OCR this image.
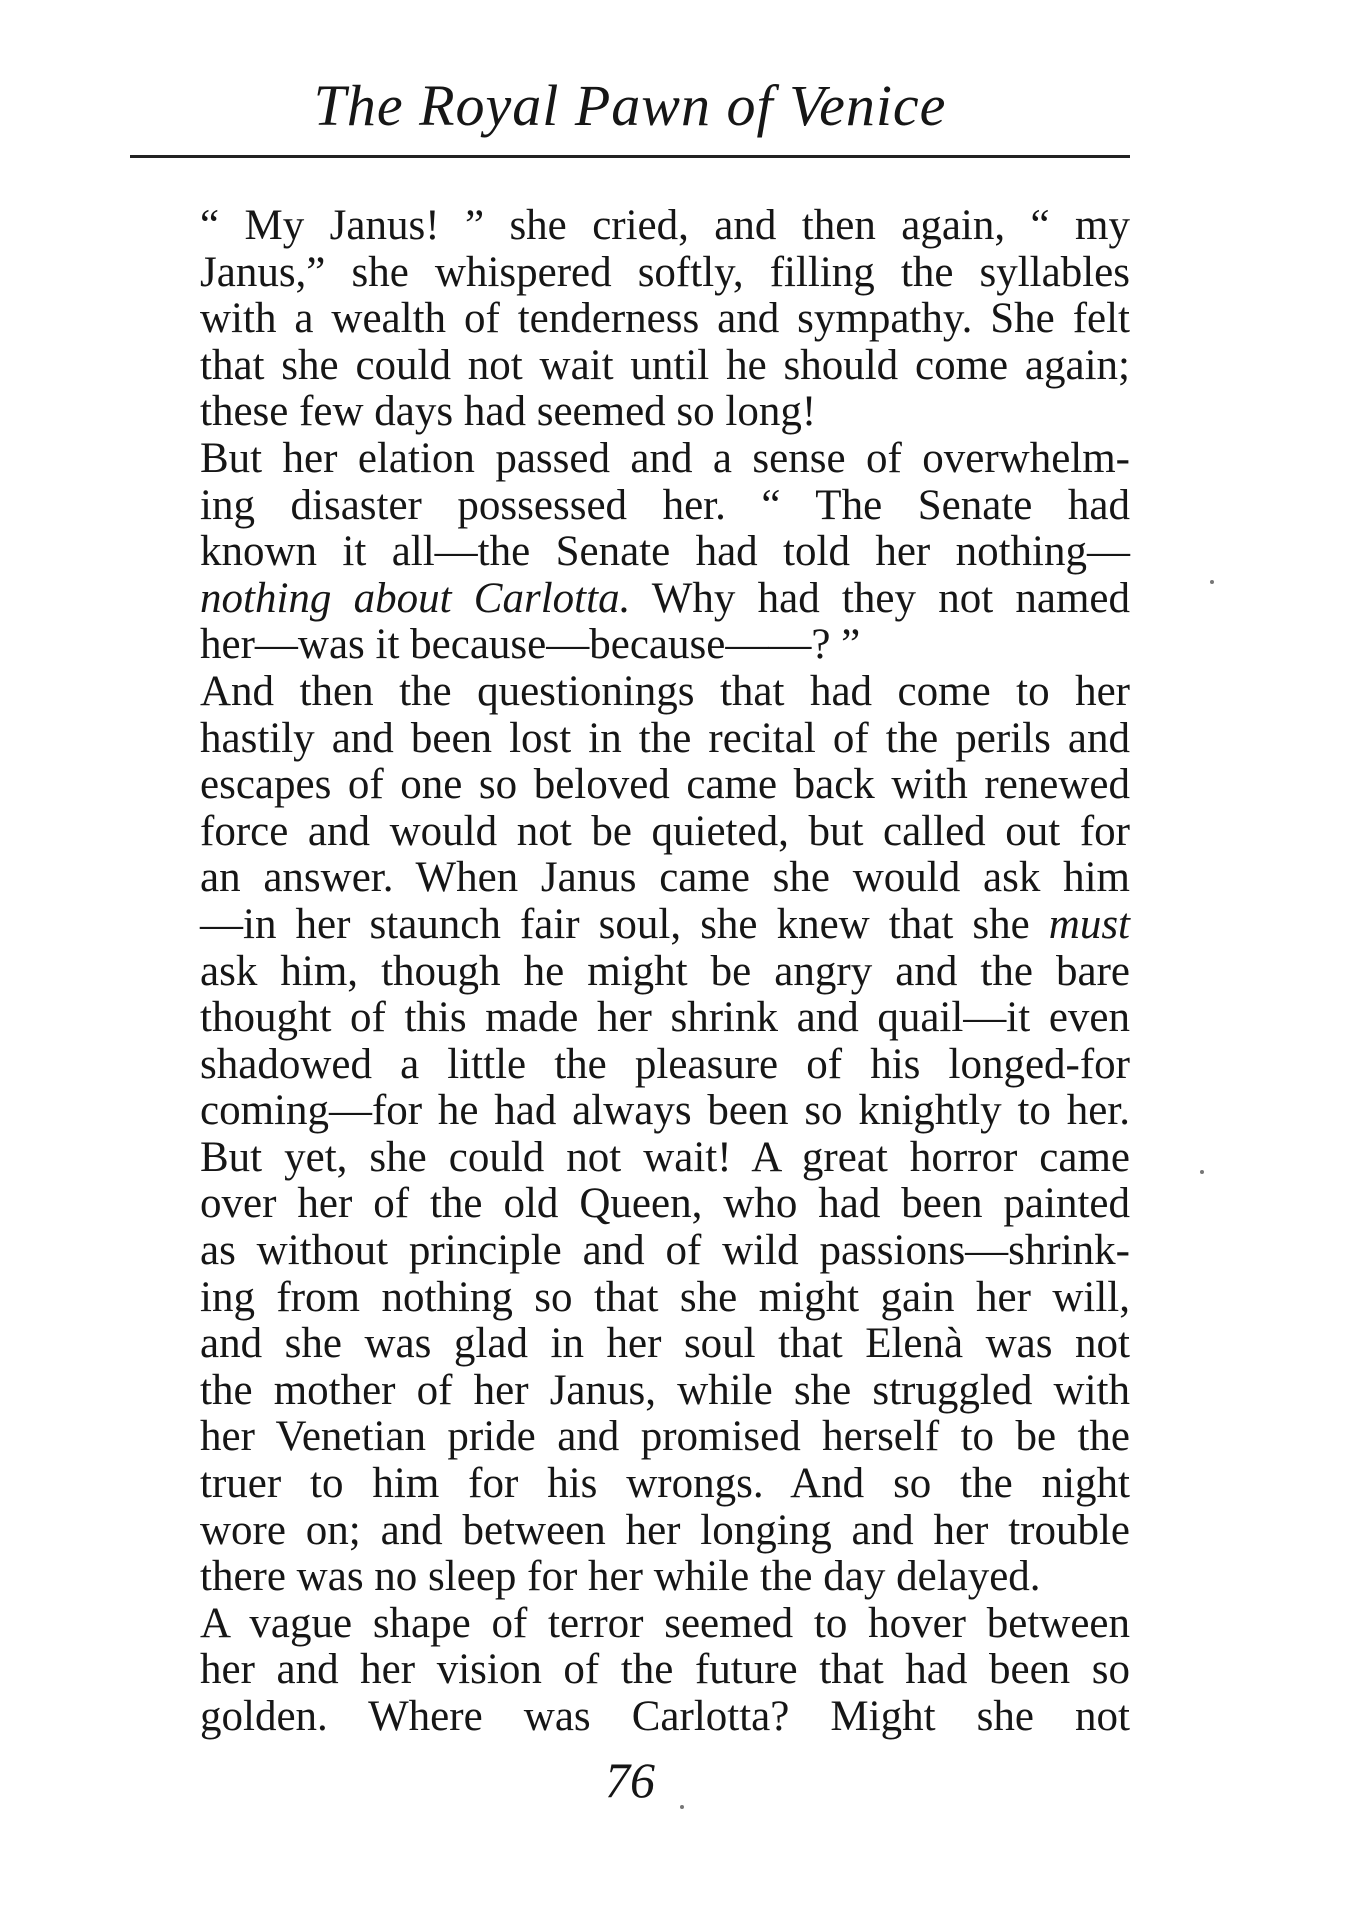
The Royal Pawn of Venice
“ My Janus! ” she cried, and then again, “ my
Janus,” she whispered softly, filling the syllables
with a wealth of tenderness and sympathy. She felt
that she could not wait until he should come again;
these few days had seemed so long!
But her elation passed and a sense of overwhelm-
ing disaster possessed her. “ The Senate had
known it all—the Senate had told her nothing—
nothing about Carlotta. Why had they not named
her—was it because—because——? ”
And then the questionings that had come to her
hastily and been lost in the recital of the perils and
escapes of one so beloved came back with renewed
force and would not be quieted, but called out for
an answer. When Janus came she would ask him
—in her staunch fair soul, she knew that she must
ask him, though he might be angry and the bare
thought of this made her shrink and quail—it even
shadowed a little the pleasure of his longed-for
coming—for he had always been so knightly to her.
But yet, she could not wait! A great horror came
over her of the old Queen, who had been painted
as without principle and of wild passions—shrink-
ing from nothing so that she might gain her will,
and she was glad in her soul that Elenà was not
the mother of her Janus, while she struggled with
her Venetian pride and promised herself to be the
truer to him for his wrongs. And so the night
wore on; and between her longing and her trouble
there was no sleep for her while the day delayed.
A vague shape of terror seemed to hover between
her and her vision of the future that had been so
golden. Where was Carlotta? Might she not
76
